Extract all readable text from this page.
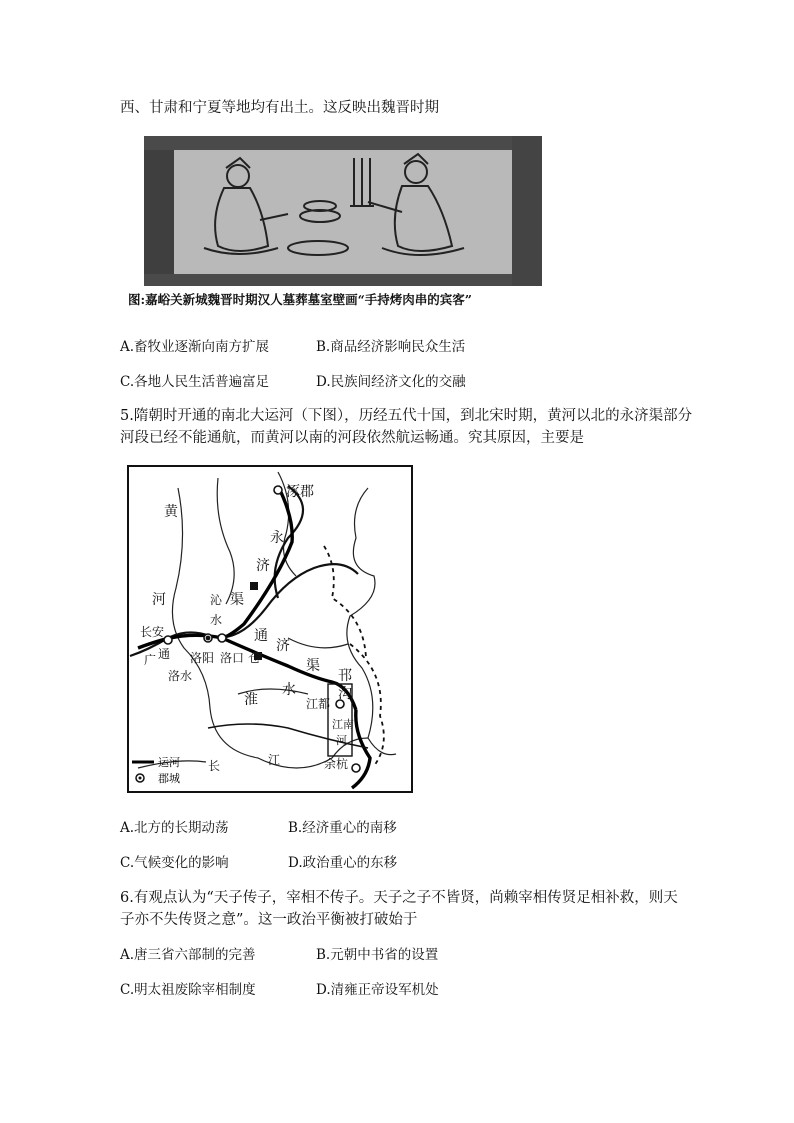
西、甘肃和宁夏等地均有出土。这反映出魏晋时期
图:嘉峪关新城魏晋时期汉人墓葬墓室壁画“手持烤肉串的宾客”
A.畜牧业逐渐向南方扩展	B.商品经济影响民众生活
C.各地人民生活普遍富足	D.民族间经济文化的交融
5.隋朝时开通的南北大运河（下图），历经五代十国，到北宋时期，黄河以北的永济渠部分
河段已经不能通航，而黄河以南的河段依然航运畅通。究其原因，主要是
涿郡
黄
河
永
济
渠
沁
水
长安
广 通 洛阳 洛口 仓
洛水
通
济
渠
邗
沟
淮
水
江都
江南
河
长	江	余杭
运河
郡城
A.北方的长期动荡	B.经济重心的南移
C.气候变化的影响	D.政治重心的东移
6.有观点认为“天子传子，宰相不传子。天子之子不皆贤，尚赖宰相传贤足相补救，则天
子亦不失传贤之意”。这一政治平衡被打破始于
A.唐三省六部制的完善	B.元朝中书省的设置
C.明太祖废除宰相制度	D.清雍正帝设军机处
